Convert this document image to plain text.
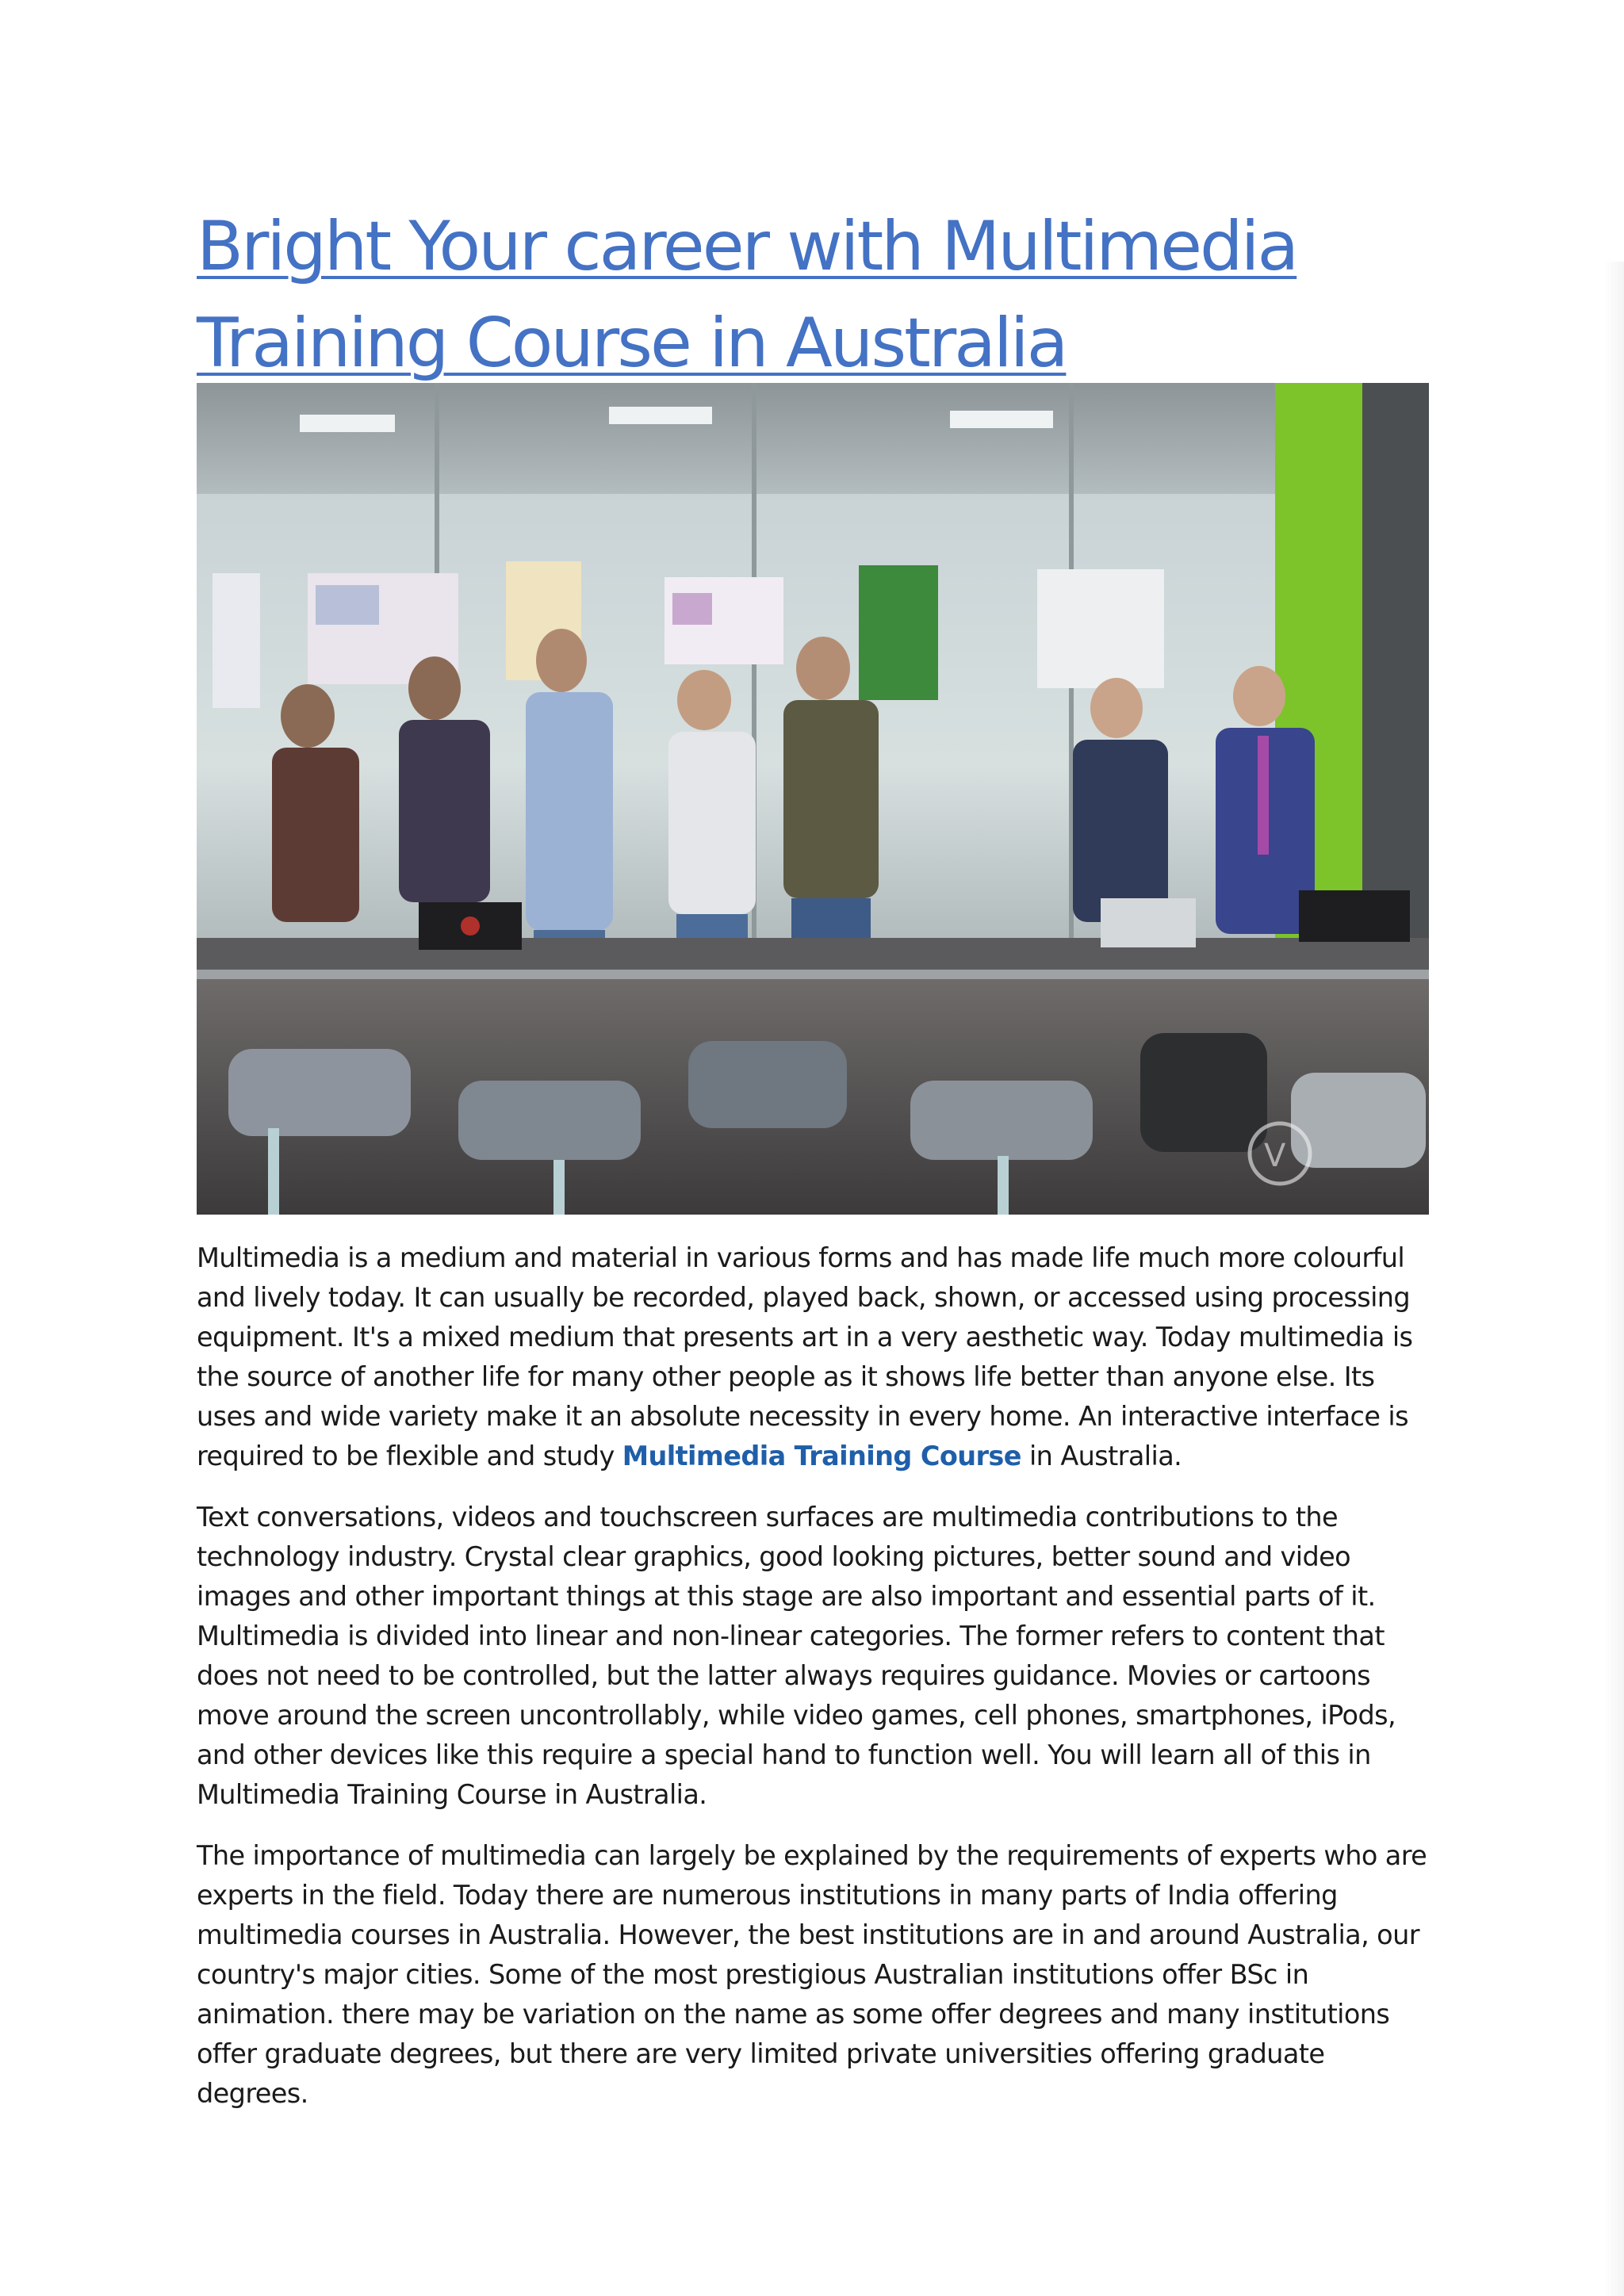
Bright Your career with Multimedia Training Course in Australia
V

Multimedia is a medium and material in various forms and has made life much more colourful and lively today. It can usually be recorded, played back, shown, or accessed using processing equipment. It's a mixed medium that presents art in a very aesthetic way. Today multimedia is the source of another life for many other people as it shows life better than anyone else. Its uses and wide variety make it an absolute necessity in every home. An interactive interface is required to be flexible and study Multimedia Training Course in Australia.

Text conversations, videos and touchscreen surfaces are multimedia contributions to the technology industry. Crystal clear graphics, good looking pictures, better sound and video images and other important things at this stage are also important and essential parts of it. Multimedia is divided into linear and non-linear categories. The former refers to content that does not need to be controlled, but the latter always requires guidance. Movies or cartoons move around the screen uncontrollably, while video games, cell phones, smartphones, iPods, and other devices like this require a special hand to function well. You will learn all of this in Multimedia Training Course in Australia.

The importance of multimedia can largely be explained by the requirements of experts who are experts in the field. Today there are numerous institutions in many parts of India offering multimedia courses in Australia. However, the best institutions are in and around Australia, our country's major cities. Some of the most prestigious Australian institutions offer BSc in animation. there may be variation on the name as some offer degrees and many institutions offer graduate degrees, but there are very limited private universities offering graduate degrees.
